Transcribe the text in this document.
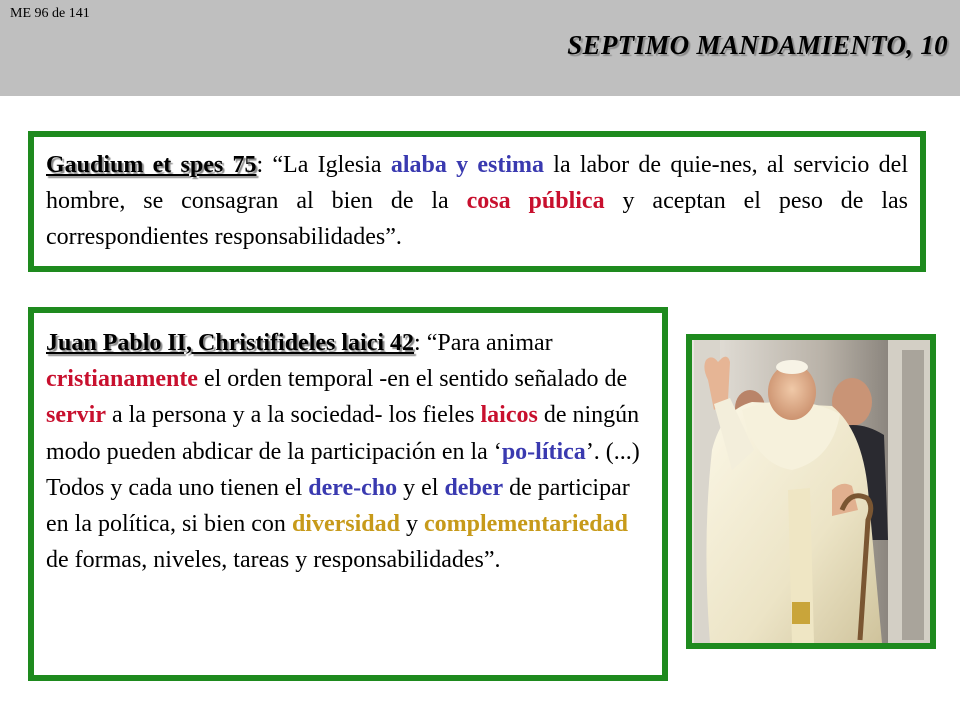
ME 96 de 141
SEPTIMO MANDAMIENTO, 10

Gaudium et spes 75: “La Iglesia alaba y estima la labor de quie-nes, al servicio del hombre, se consagran al bien de la cosa pública y aceptan el peso de las correspondientes responsabilidades”.

Juan Pablo II, Christifideles laici 42: “Para animar cristianamente el orden temporal -en el sentido señalado de servir a la persona y a la sociedad- los fieles laicos de ningún modo pueden abdicar de la participación en la ‘po-lítica’. (...) Todos y cada uno tienen el dere-cho y el deber de participar en la política, si bien con diversidad y complementariedad de formas, niveles, tareas y responsabilidades”.
